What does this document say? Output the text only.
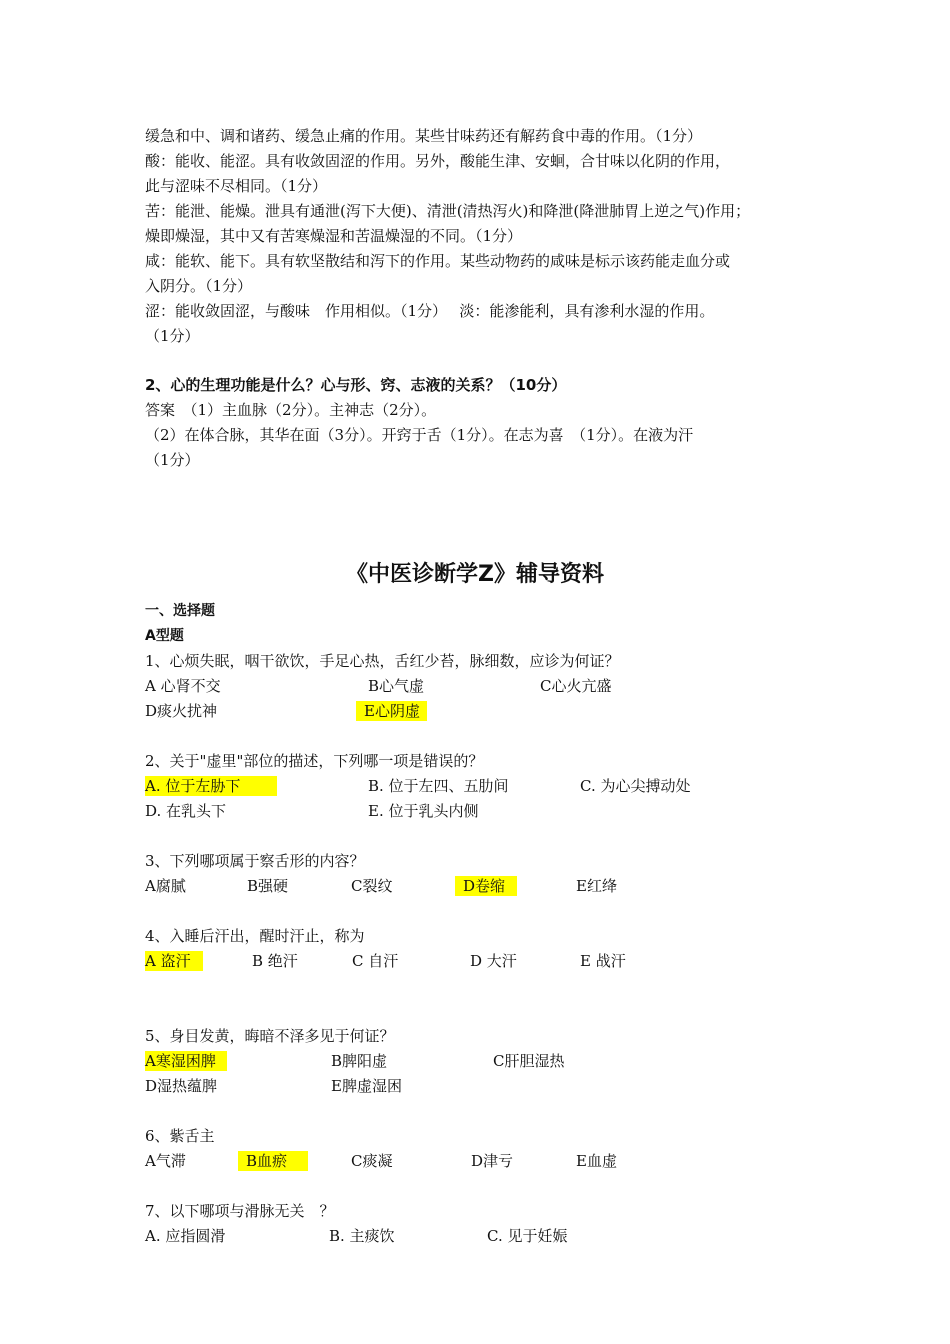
缓急和中、调和诸药、缓急止痛的作用。某些甘味药还有解药食中毒的作用。（1分）
酸：能收、能涩。具有收敛固涩的作用。另外，酸能生津、安蛔，合甘味以化阴的作用，
此与涩味不尽相同。（1分）
苦：能泄、能燥。泄具有通泄(泻下大便)、清泄(清热泻火)和降泄(降泄肺胃上逆之气)作用；
燥即燥湿，其中又有苦寒燥湿和苦温燥湿的不同。（1分）
咸：能软、能下。具有软坚散结和泻下的作用。某些动物药的咸味是标示该药能走血分或
入阴分。（1分）
涩：能收敛固涩，与酸味　作用相似。（1分）　 淡：能渗能利，具有渗利水湿的作用。
（1分）
2、心的生理功能是什么？心与形、窍、志液的关系？（10分）
答案　（1）主血脉（2分）。主神志（2分）。
（2）在体合脉，其华在面（3分）。开窍于舌（1分）。在志为喜　（1分）。在液为汗
（1分）
《中医诊断学Z》辅导资料
一、选择题
A型题
1、心烦失眠，咽干欲饮，手足心热，舌红少苔，脉细数，应诊为何证？
A 心肾不交	B心气虚	C心火亢盛
D痰火扰神	E心阴虚
2、关于"虚里"部位的描述，下列哪一项是错误的？
A. 位于左胁下	B. 位于左四、五肋间	C. 为心尖搏动处
D. 在乳头下	E. 位于乳头内侧
3、下列哪项属于察舌形的内容？
A腐腻	B强硬	C裂纹	D卷缩	E红绛
4、入睡后汗出，醒时汗止，称为
A 盗汗	B 绝汗	C 自汗	D 大汗	E 战汗
5、身目发黄，晦暗不泽多见于何证？
A寒湿困脾	B脾阳虚	C肝胆湿热
D湿热蕴脾	E脾虚湿困
6、紫舌主
A气滞	B血瘀	C痰凝	D津亏	E血虚
7、以下哪项与滑脉无关　？
A. 应指圆滑	B. 主痰饮	C. 见于妊娠
